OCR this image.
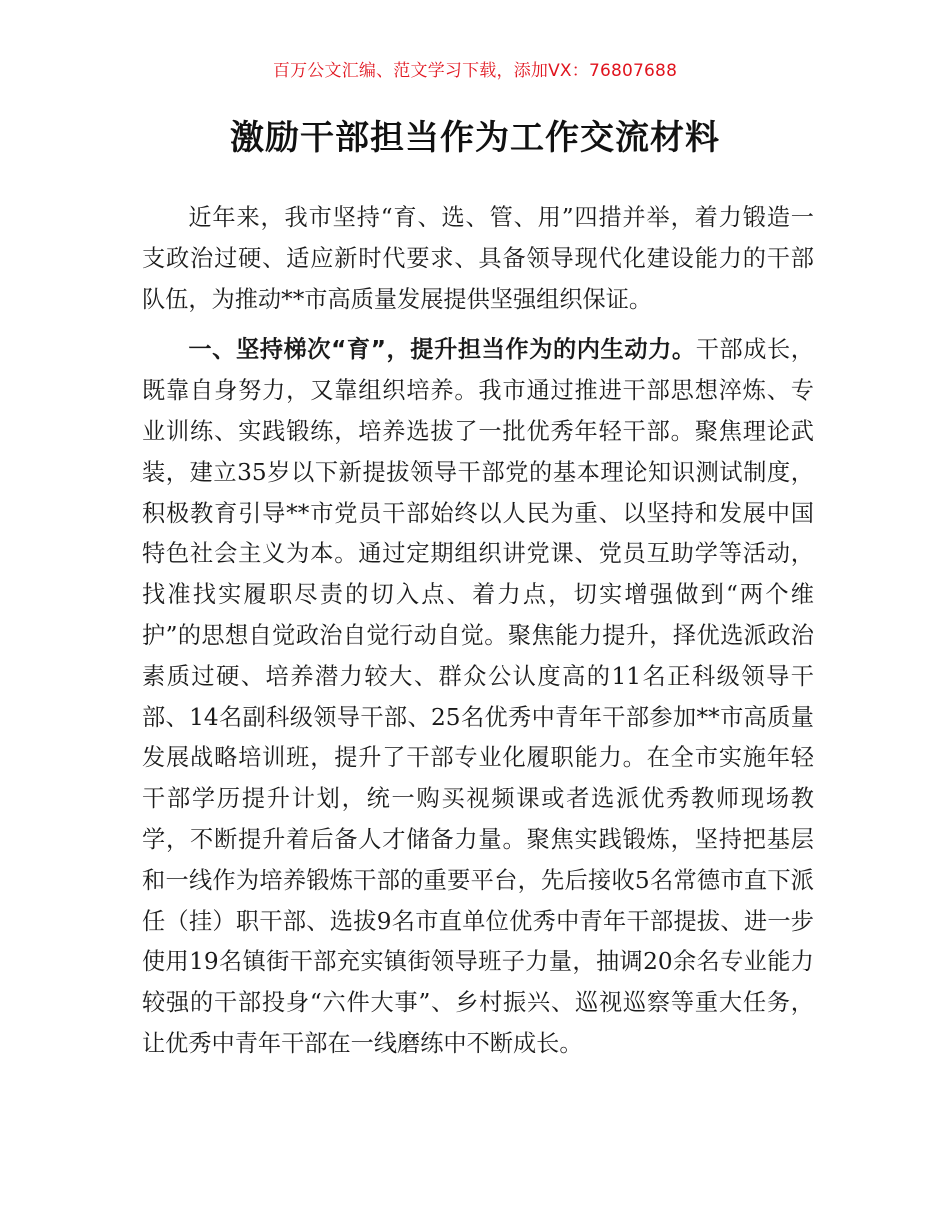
百万公文汇编、范文学习下载，添加VX：76807688
激励干部担当作为工作交流材料

近年来，我市坚持“育、选、管、用”四措并举，着力锻造一支政治过硬、适应新时代要求、具备领导现代化建设能力的干部队伍，为推动**市高质量发展提供坚强组织保证。

一、坚持梯次“育”，提升担当作为的内生动力。干部成长，既靠自身努力，又靠组织培养。我市通过推进干部思想淬炼、专业训练、实践锻练，培养选拔了一批优秀年轻干部。聚焦理论武装，建立35岁以下新提拔领导干部党的基本理论知识测试制度，积极教育引导**市党员干部始终以人民为重、以坚持和发展中国特色社会主义为本。通过定期组织讲党课、党员互助学等活动，找准找实履职尽责的切入点、着力点，切实增强做到“两个维护”的思想自觉政治自觉行动自觉。聚焦能力提升，择优选派政治素质过硬、培养潜力较大、群众公认度高的11名正科级领导干部、14名副科级领导干部、25名优秀中青年干部参加**市高质量发展战略培训班，提升了干部专业化履职能力。在全市实施年轻干部学历提升计划，统一购买视频课或者选派优秀教师现场教学，不断提升着后备人才储备力量。聚焦实践锻炼，坚持把基层和一线作为培养锻炼干部的重要平台，先后接收5名常德市直下派任（挂）职干部、选拔9名市直单位优秀中青年干部提拔、进一步使用19名镇街干部充实镇街领导班子力量，抽调20余名专业能力较强的干部投身“六件大事”、乡村振兴、巡视巡察等重大任务，让优秀中青年干部在一线磨练中不断成长。
